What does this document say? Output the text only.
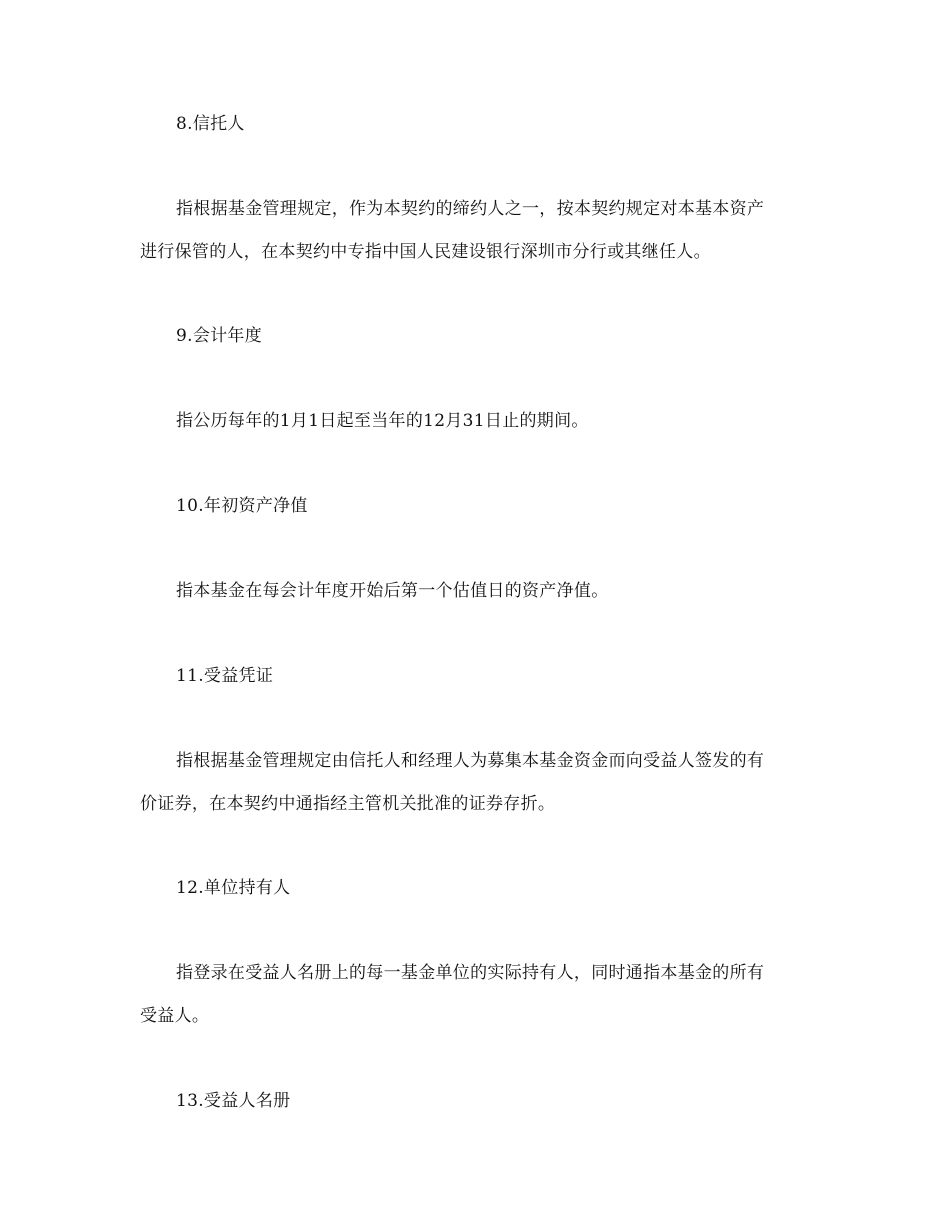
8.信托人

指根据基金管理规定，作为本契约的缔约人之一，按本契约规定对本基本资产

进行保管的人，在本契约中专指中国人民建设银行深圳市分行或其继任人。

9.会计年度

指公历每年的1月1日起至当年的12月31日止的期间。

10.年初资产净值

指本基金在每会计年度开始后第一个估值日的资产净值。

11.受益凭证

指根据基金管理规定由信托人和经理人为募集本基金资金而向受益人签发的有

价证券，在本契约中通指经主管机关批准的证券存折。

12.单位持有人

指登录在受益人名册上的每一基金单位的实际持有人，同时通指本基金的所有

受益人。

13.受益人名册
